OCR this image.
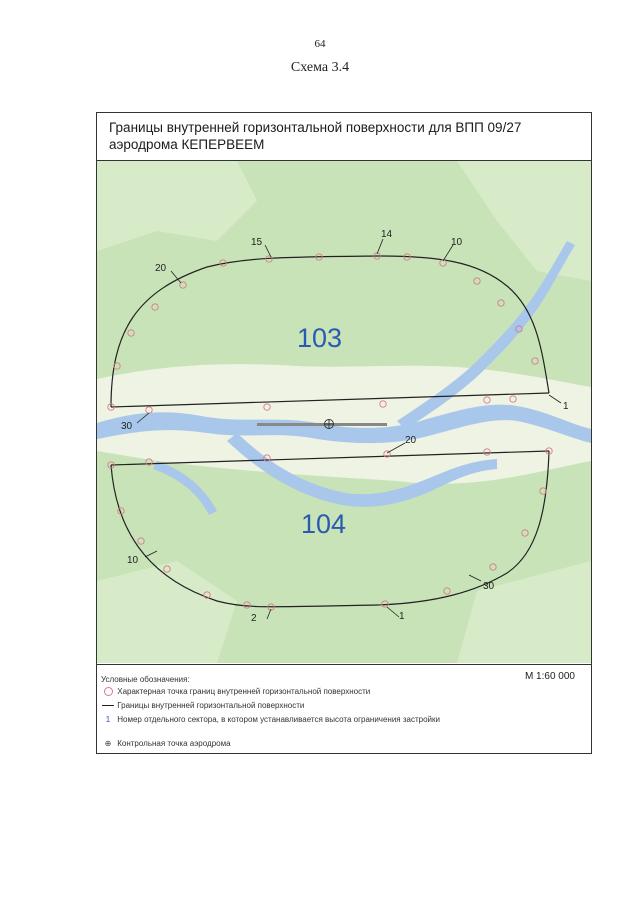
64
Схема 3.4
Границы внутренней горизонтальной поверхности для ВПП 09/27
аэродрома КЕПЕРВЕЕМ
15
14
10
20
30
1
20
10
2	1
30
103
104
Условные обозначения:	М 1:60 000
Характерная точка границ внутренней горизонтальной поверхности
Границы внутренней горизонтальной поверхности
1 Номер отдельного сектора, в котором устанавливается высота ограничения застройки
⊕ Контрольная точка аэродрома
